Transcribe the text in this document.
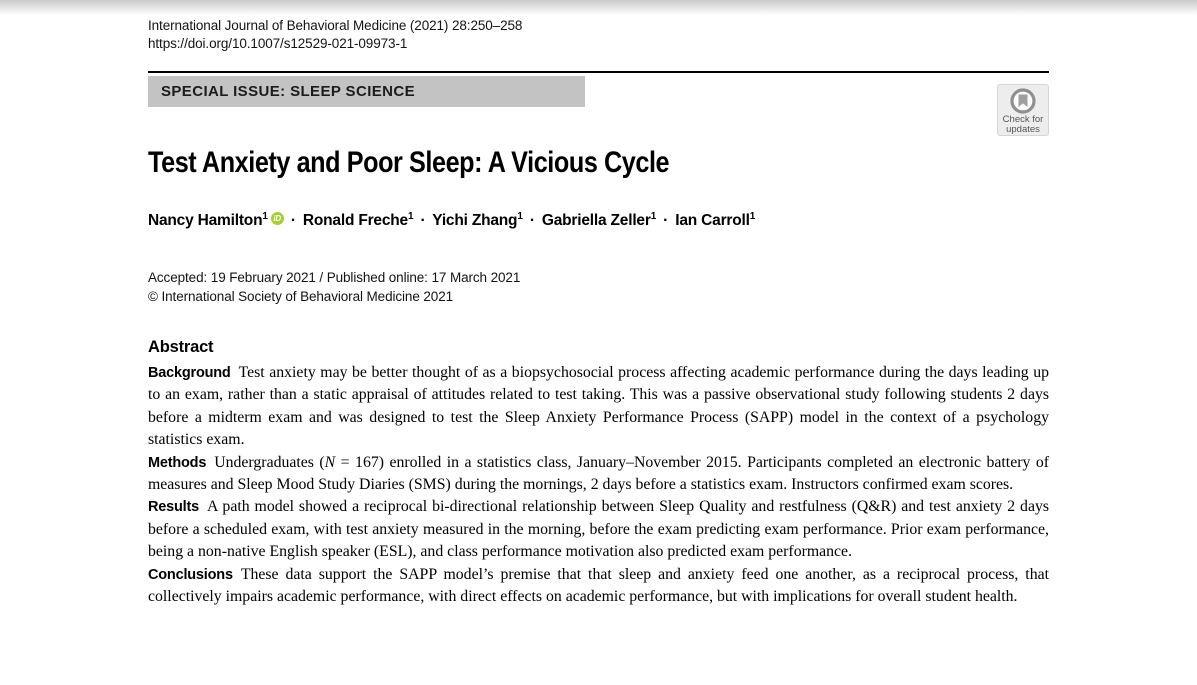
International Journal of Behavioral Medicine (2021) 28:250–258
https://doi.org/10.1007/s12529-021-09973-1
SPECIAL ISSUE: SLEEP SCIENCE
Check for
updates
Test Anxiety and Poor Sleep: A Vicious Cycle
Nancy Hamilton$^1$ iD · Ronald Freche$^1$ · Yichi Zhang$^1$ · Gabriella Zeller$^1$ · Ian Carroll$^1$
Accepted: 19 February 2021 / Published online: 17 March 2021
© International Society of Behavioral Medicine 2021
Abstract

Background Test anxiety may be better thought of as a biopsychosocial process affecting academic performance during the days leading up to an exam, rather than a static appraisal of attitudes related to test taking. This was a passive observational study following students 2 days before a midterm exam and was designed to test the Sleep Anxiety Performance Process (SAPP) model in the context of a psychology statistics exam.

Methods Undergraduates (N = 167) enrolled in a statistics class, January–November 2015. Participants completed an electronic battery of measures and Sleep Mood Study Diaries (SMS) during the mornings, 2 days before a statistics exam. Instructors confirmed exam scores.

Results A path model showed a reciprocal bi-directional relationship between Sleep Quality and restfulness (Q&R) and test anxiety 2 days before a scheduled exam, with test anxiety measured in the morning, before the exam predicting exam performance. Prior exam performance, being a non-native English speaker (ESL), and class performance motivation also predicted exam performance.

Conclusions These data support the SAPP model’s premise that that sleep and anxiety feed one another, as a reciprocal process, that collectively impairs academic performance, with direct effects on academic performance, but with implications for overall student health.
